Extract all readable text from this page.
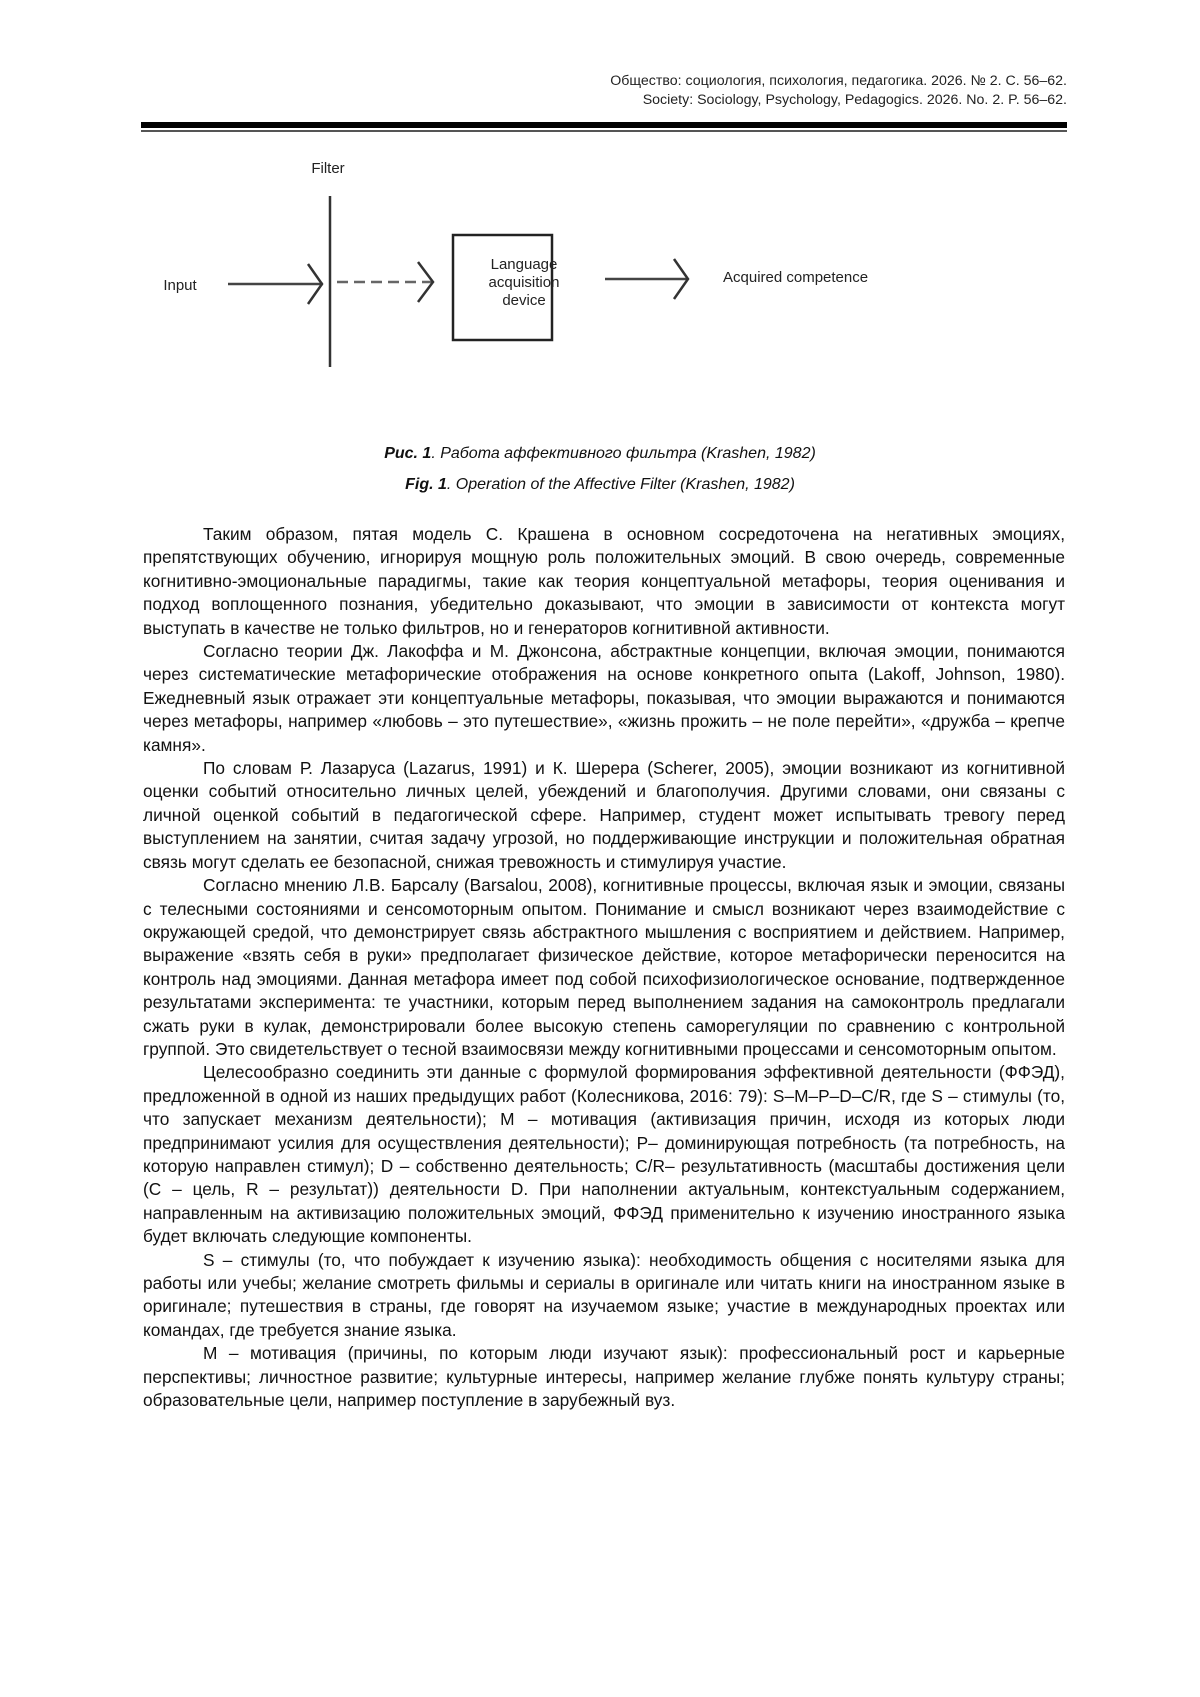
Общество: социология, психология, педагогика. 2026. № 2. С. 56–62.
Society: Sociology, Psychology, Pedagogics. 2026. No. 2. P. 56–62.
Filter
Input
Language
acquisition
device
Acquired competence
Рис. 1. Работа аффективного фильтра (Krashen, 1982)
Fig. 1. Operation of the Affective Filter (Krashen, 1982)

Таким образом, пятая модель С. Крашена в основном сосредоточена на негативных эмоциях, препятствующих обучению, игнорируя мощную роль положительных эмоций. В свою очередь, современные когнитивно-эмоциональные парадигмы, такие как теория концептуальной метафоры, теория оценивания и подход воплощенного познания, убедительно доказывают, что эмоции в зависимости от контекста могут выступать в качестве не только фильтров, но и генераторов когнитивной активности.

Согласно теории Дж. Лакоффа и М. Джонсона, абстрактные концепции, включая эмоции, понимаются через систематические метафорические отображения на основе конкретного опыта (Lakoff, Johnson, 1980). Ежедневный язык отражает эти концептуальные метафоры, показывая, что эмоции выражаются и понимаются через метафоры, например «любовь – это путешествие», «жизнь прожить – не поле перейти», «дружба – крепче камня».

По словам Р. Лазаруса (Lazarus, 1991) и К. Шерера (Scherer, 2005), эмоции возникают из когнитивной оценки событий относительно личных целей, убеждений и благополучия. Другими словами, они связаны с личной оценкой событий в педагогической сфере. Например, студент может испытывать тревогу перед выступлением на занятии, считая задачу угрозой, но поддерживающие инструкции и положительная обратная связь могут сделать ее безопасной, снижая тревожность и стимулируя участие.

Согласно мнению Л.В. Барсалу (Barsalou, 2008), когнитивные процессы, включая язык и эмоции, связаны с телесными состояниями и сенсомоторным опытом. Понимание и смысл возникают через взаимодействие с окружающей средой, что демонстрирует связь абстрактного мышления с восприятием и действием. Например, выражение «взять себя в руки» предполагает физическое действие, которое метафорически переносится на контроль над эмоциями. Данная метафора имеет под собой психофизиологическое основание, подтвержденное результатами эксперимента: те участники, которым перед выполнением задания на самоконтроль предлагали сжать руки в кулак, демонстрировали более высокую степень саморегуляции по сравнению с контрольной группой. Это свидетельствует о тесной взаимосвязи между когнитивными процессами и сенсомоторным опытом.

Целесообразно соединить эти данные с формулой формирования эффективной деятельности (ФФЭД), предложенной в одной из наших предыдущих работ (Колесникова, 2016: 79): S–M–P–D–C/R, где S – стимулы (то, что запускает механизм деятельности); M – мотивация (активизация причин, исходя из которых люди предпринимают усилия для осуществления деятельности); P– доминирующая потребность (та потребность, на которую направлен стимул); D – собственно деятельность; C/R– результативность (масштабы достижения цели (C – цель, R – результат)) деятельности D. При наполнении актуальным, контекстуальным содержанием, направленным на активизацию положительных эмоций, ФФЭД применительно к изучению иностранного языка будет включать следующие компоненты.

S – стимулы (то, что побуждает к изучению языка): необходимость общения с носителями языка для работы или учебы; желание смотреть фильмы и сериалы в оригинале или читать книги на иностранном языке в оригинале; путешествия в страны, где говорят на изучаемом языке; участие в международных проектах или командах, где требуется знание языка.

M – мотивация (причины, по которым люди изучают язык): профессиональный рост и карьерные перспективы; личностное развитие; культурные интересы, например желание глубже понять культуру страны; образовательные цели, например поступление в зарубежный вуз.
